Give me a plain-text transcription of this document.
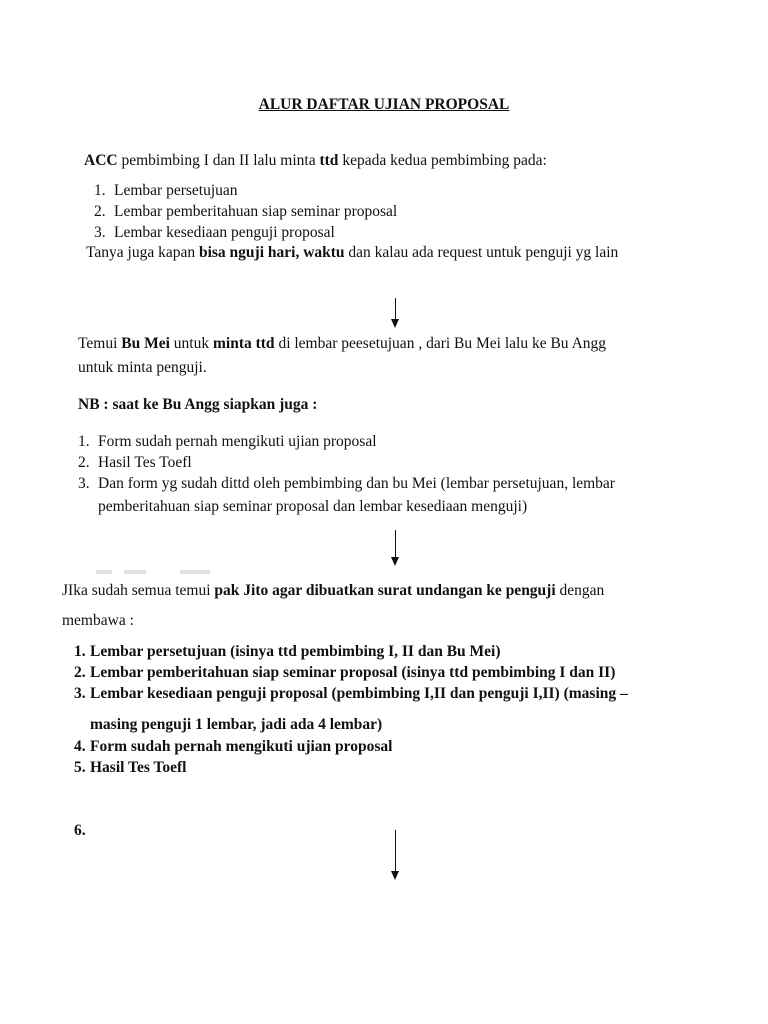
ALUR DAFTAR UJIAN PROPOSAL
ACC pembimbing I dan II lalu minta ttd kepada kedua pembimbing pada:
1. Lembar persetujuan
2. Lembar pemberitahuan siap seminar proposal
3. Lembar kesediaan penguji proposal
Tanya juga kapan bisa nguji hari, waktu dan kalau ada request untuk penguji yg lain
Temui Bu Mei untuk minta ttd di lembar peesetujuan , dari Bu Mei lalu ke Bu Angg
untuk minta penguji.
NB : saat ke Bu Angg siapkan juga :
1. Form sudah pernah mengikuti ujian proposal
2. Hasil Tes Toefl
3. Dan form yg sudah dittd oleh pembimbing dan bu Mei (lembar persetujuan, lembar
pemberitahuan siap seminar proposal dan lembar kesediaan menguji)
JIka sudah semua temui pak Jito agar dibuatkan surat undangan ke penguji dengan
membawa :
1. Lembar persetujuan (isinya ttd pembimbing I, II dan Bu Mei)
2. Lembar pemberitahuan siap seminar proposal (isinya ttd pembimbing I dan II)
3. Lembar kesediaan penguji proposal (pembimbing I,II dan penguji I,II) (masing –
masing penguji 1 lembar, jadi ada 4 lembar)
4. Form sudah pernah mengikuti ujian proposal
5. Hasil Tes Toefl
6.
